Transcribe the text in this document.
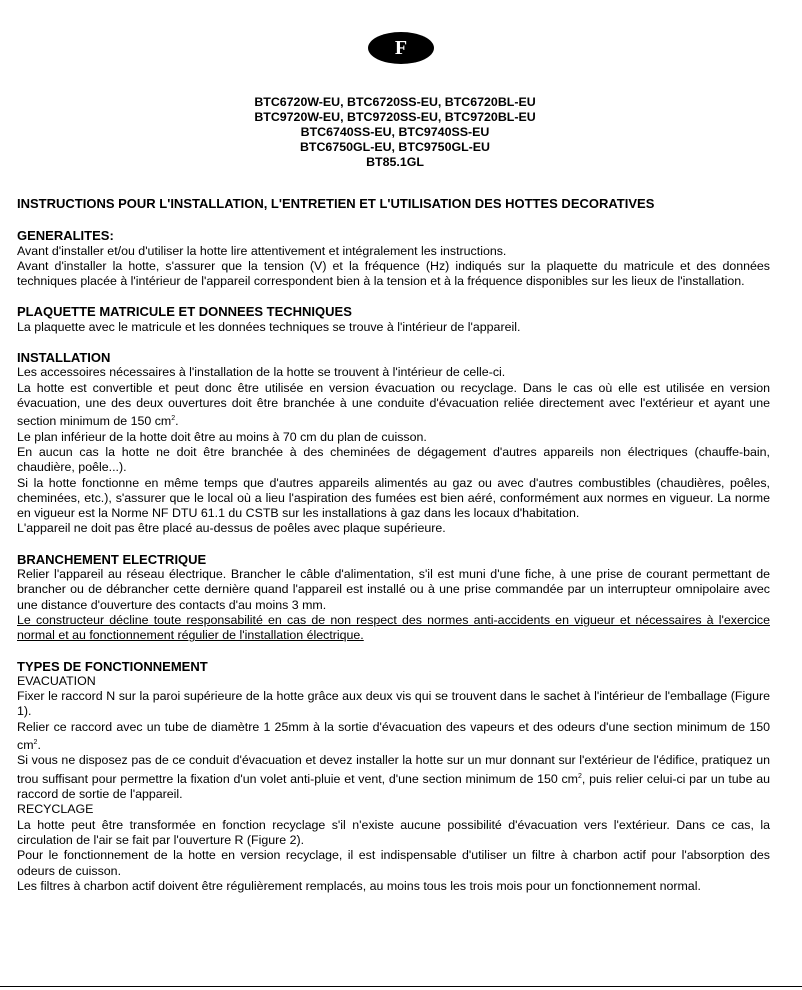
F
BTC6720W-EU, BTC6720SS-EU, BTC6720BL-EU
BTC9720W-EU, BTC9720SS-EU, BTC9720BL-EU
BTC6740SS-EU, BTC9740SS-EU
BTC6750GL-EU, BTC9750GL-EU
BT85.1GL
INSTRUCTIONS POUR L'INSTALLATION, L'ENTRETIEN ET L'UTILISATION DES HOTTES DECORATIVES
GENERALITES:
Avant d'installer et/ou d'utiliser la hotte lire attentivement et intégralement les instructions.
Avant d'installer la hotte, s'assurer que la tension (V) et la fréquence (Hz) indiqués sur la plaquette du matricule et des données techniques placée à l'intérieur de l'appareil correspondent bien à la tension et à la fréquence disponibles sur les lieux de l'installation.
PLAQUETTE MATRICULE ET DONNEES TECHNIQUES
La plaquette avec le matricule et les données techniques se trouve à l'intérieur de l'appareil.
INSTALLATION
Les accessoires nécessaires à l'installation de la hotte se trouvent à l'intérieur de celle-ci.
La hotte est convertible et peut donc être utilisée en version évacuation ou recyclage. Dans le cas où elle est utilisée en version évacuation, une des deux ouvertures doit être branchée à une conduite d'évacuation reliée directement avec l'extérieur et ayant une section minimum de 150 $cm^2$.
Le plan inférieur de la hotte doit être au moins à 70 cm du plan de cuisson.
En aucun cas la hotte ne doit être branchée à des cheminées de dégagement d'autres appareils non électriques (chauffe-bain, chaudière, poêle...).
Si la hotte fonctionne en même temps que d'autres appareils alimentés au gaz ou avec d'autres combustibles (chaudières, poêles, cheminées, etc.), s'assurer que le local où a lieu l'aspiration des fumées est bien aéré, conformément aux normes en vigueur. La norme en vigueur est la Norme NF DTU 61.1 du CSTB sur les installations à gaz dans les locaux d'habitation.
L'appareil ne doit pas être placé au-dessus de poêles avec plaque supérieure.
BRANCHEMENT ELECTRIQUE
Relier l'appareil au réseau électrique. Brancher le câble d'alimentation, s'il est muni d'une fiche, à une prise de courant permettant de brancher ou de débrancher cette dernière quand l'appareil est installé ou à une prise commandée par un interrupteur omnipolaire avec une distance d'ouverture des contacts d'au moins 3 mm.
Le constructeur décline toute responsabilité en cas de non respect des normes anti-accidents en vigueur et nécessaires à l'exercice normal et au fonctionnement régulier de l'installation électrique.
TYPES DE FONCTIONNEMENT
EVACUATION
Fixer le raccord N sur la paroi supérieure de la hotte grâce aux deux vis qui se trouvent dans le sachet à l'intérieur de l'emballage (Figure 1).
Relier ce raccord avec un tube de diamètre 1 25mm à la sortie d'évacuation des vapeurs et des odeurs d'une section minimum de 150 $cm^2$.
Si vous ne disposez pas de ce conduit d'évacuation et devez installer la hotte sur un mur donnant sur l'extérieur de l'édifice, pratiquez un trou suffisant pour permettre la fixation d'un volet anti-pluie et vent, d'une section minimum de 150 $cm^2$, puis relier celui-ci par un tube au raccord de sortie de l'appareil.
RECYCLAGE
La hotte peut être transformée en fonction recyclage s'il n'existe aucune possibilité d'évacuation vers l'extérieur. Dans ce cas, la circulation de l'air se fait par l'ouverture R (Figure 2).
Pour le fonctionnement de la hotte en version recyclage, il est indispensable d'utiliser un filtre à charbon actif pour l'absorption des odeurs de cuisson.
Les filtres à charbon actif doivent être régulièrement remplacés, au moins tous les trois mois pour un fonctionnement normal.
